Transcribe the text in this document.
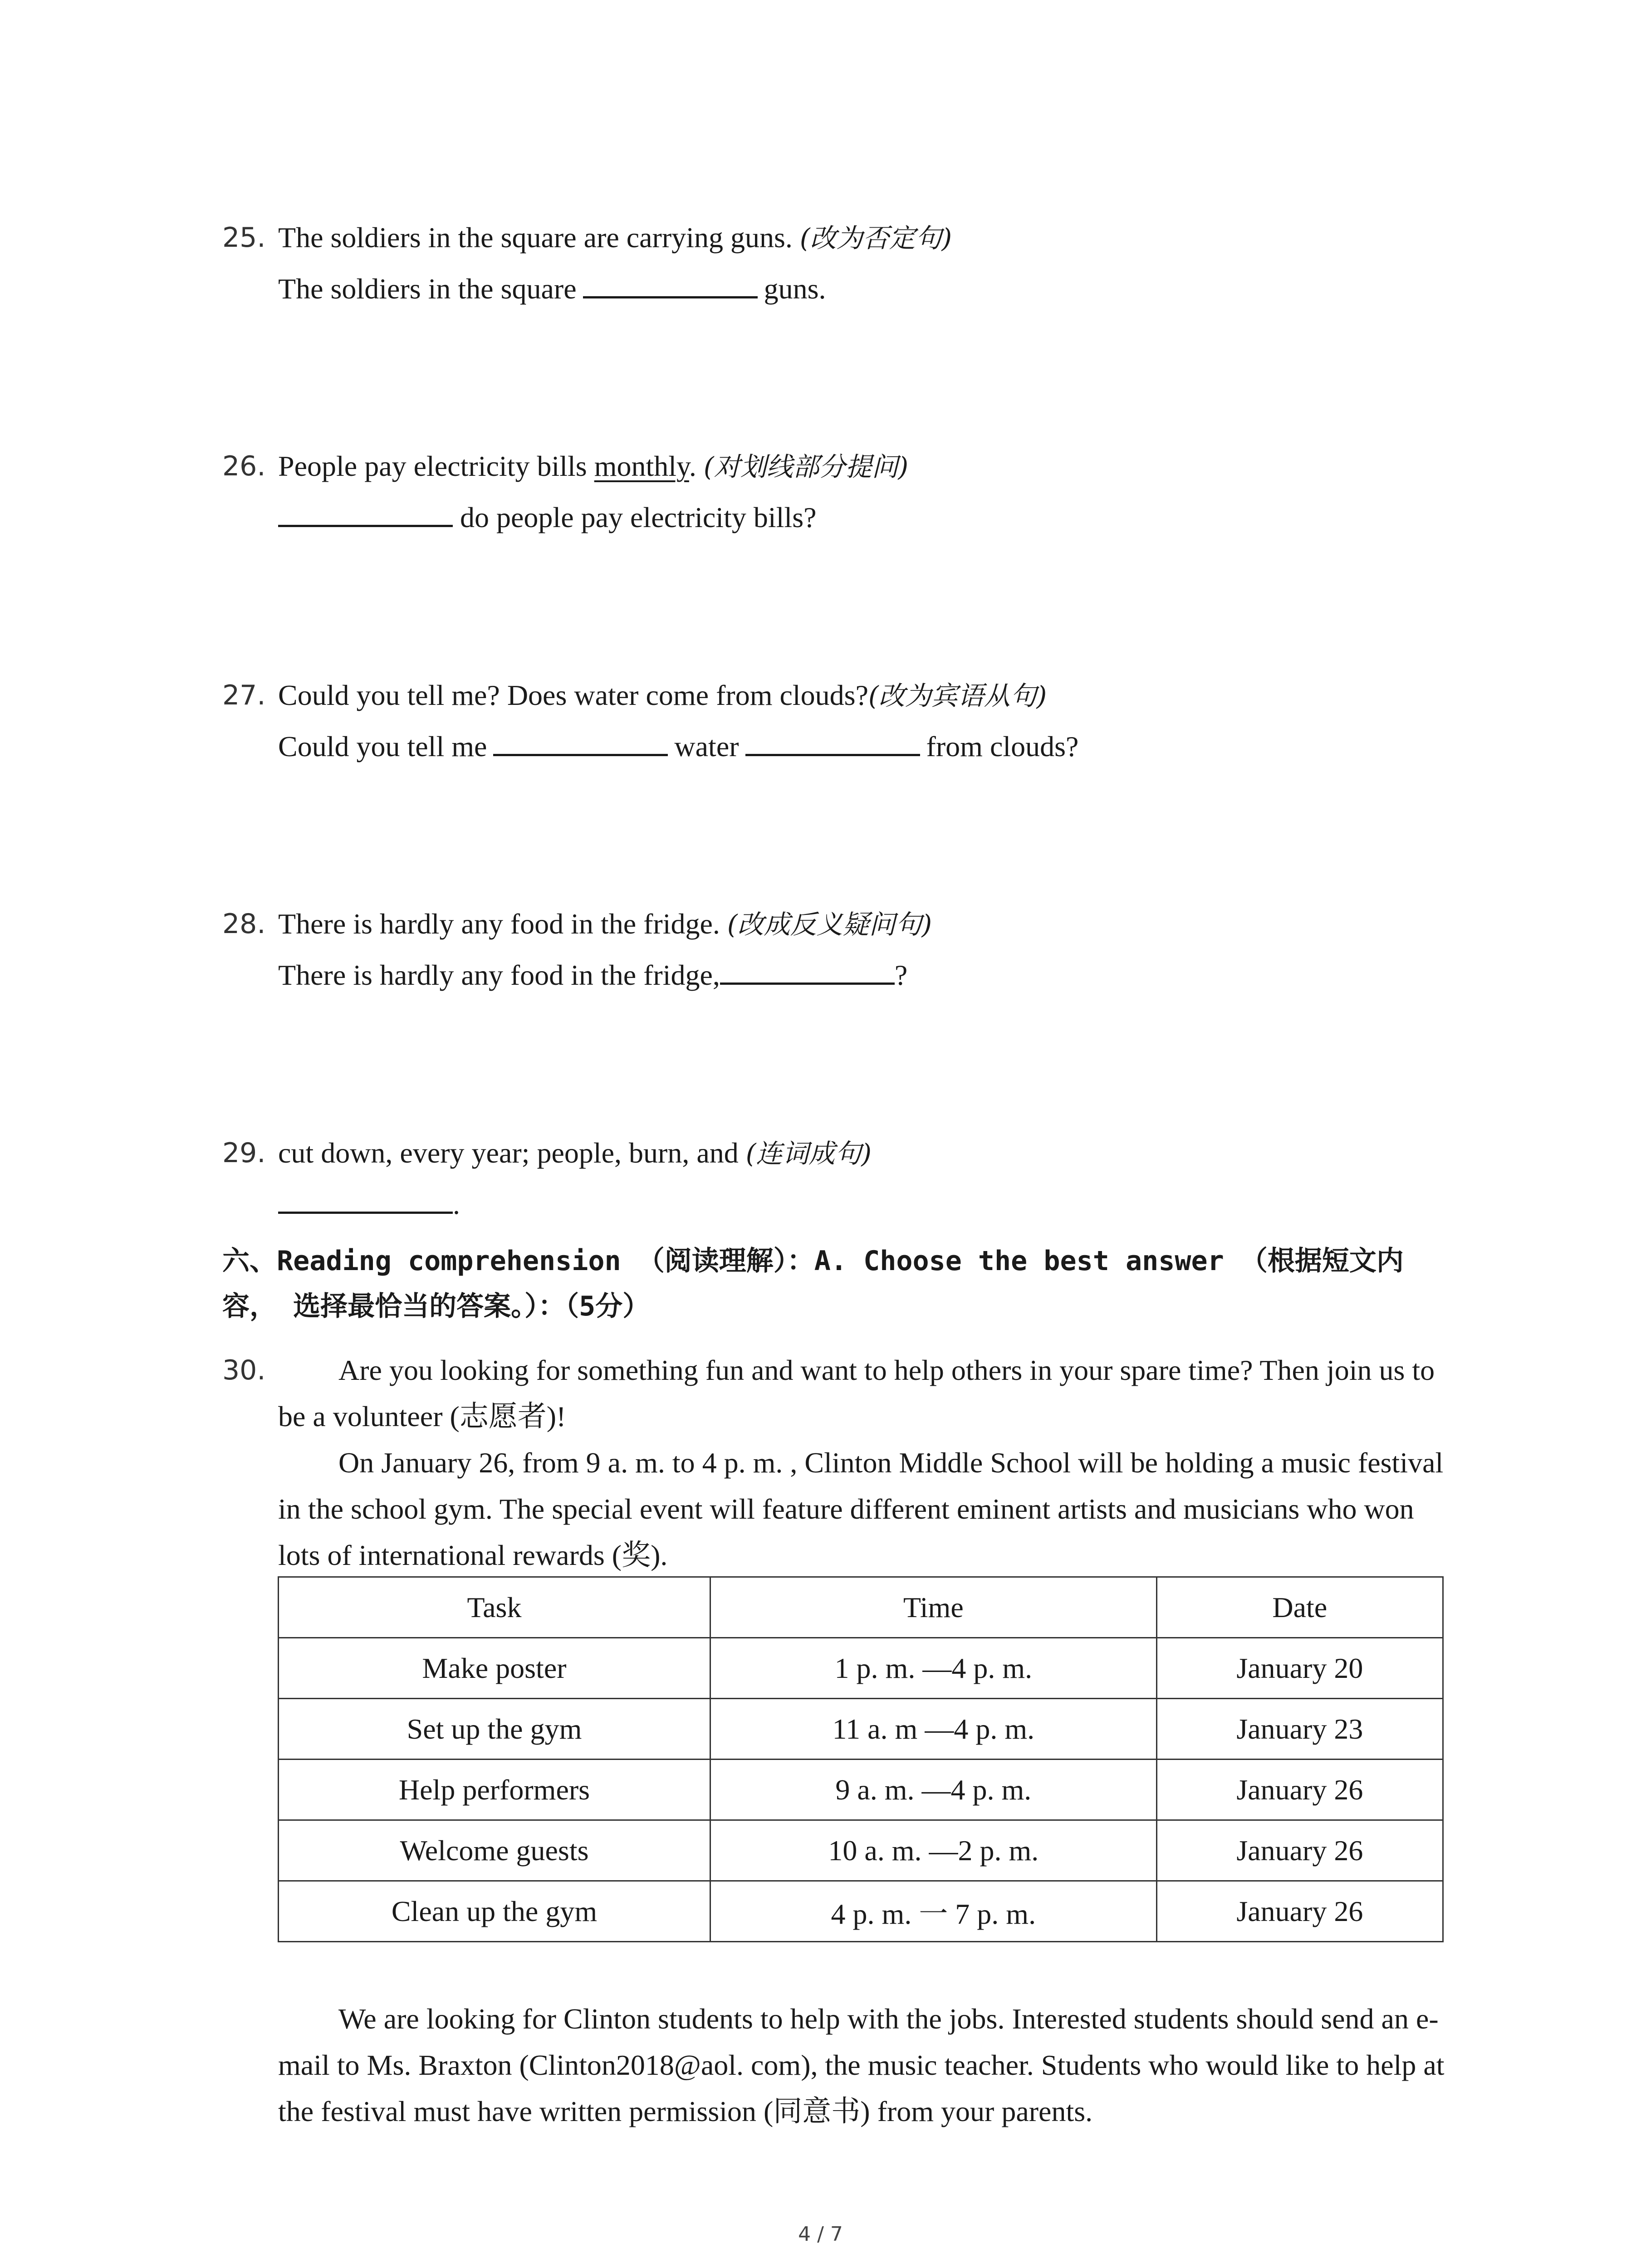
25. The soldiers in the square are carrying guns. (改为否定句)
The soldiers in the square	guns.
26. People pay electricity bills monthly. (对划线部分提问)
do people pay electricity bills?
27. Could you tell me? Does water come from clouds?(改为宾语从句)
Could you tell me	water	from clouds?
28. There is hardly any food in the fridge. (改成反义疑问句)
There is hardly any food in the fridge,	?
29. cut down, every year; people, burn, and (连词成句)
.
六、Reading comprehension （阅读理解）：A. Choose the best answer （根据短文内
容， 选择最恰当的答案。）：（5分）
30.	Are you looking for something fun and want to help others in your spare time? Then join us to be a volunteer (志愿者)!

On January 26, from 9 a. m. to 4 p. m. , Clinton Middle School will be holding a music festival in the school gym. The special event will feature different eminent artists and musicians who won lots of international rewards (奖).

Task	Time	Date
Make poster	1 p. m. —4 p. m.	January 20
Set up the gym	11 a. m —4 p. m.	January 23
Help performers	9 a. m. —4 p. m.	January 26
Welcome guests	10 a. m. —2 p. m.	January 26
Clean up the gym	4 p. m. 一 7 p. m.	January 26

We are looking for Clinton students to help with the jobs. Interested students should send an e-mail to Ms. Braxton (Clinton2018@aol. com), the music teacher. Students who would like to help at the festival must have written permission (同意书) from your parents.

4 / 7
